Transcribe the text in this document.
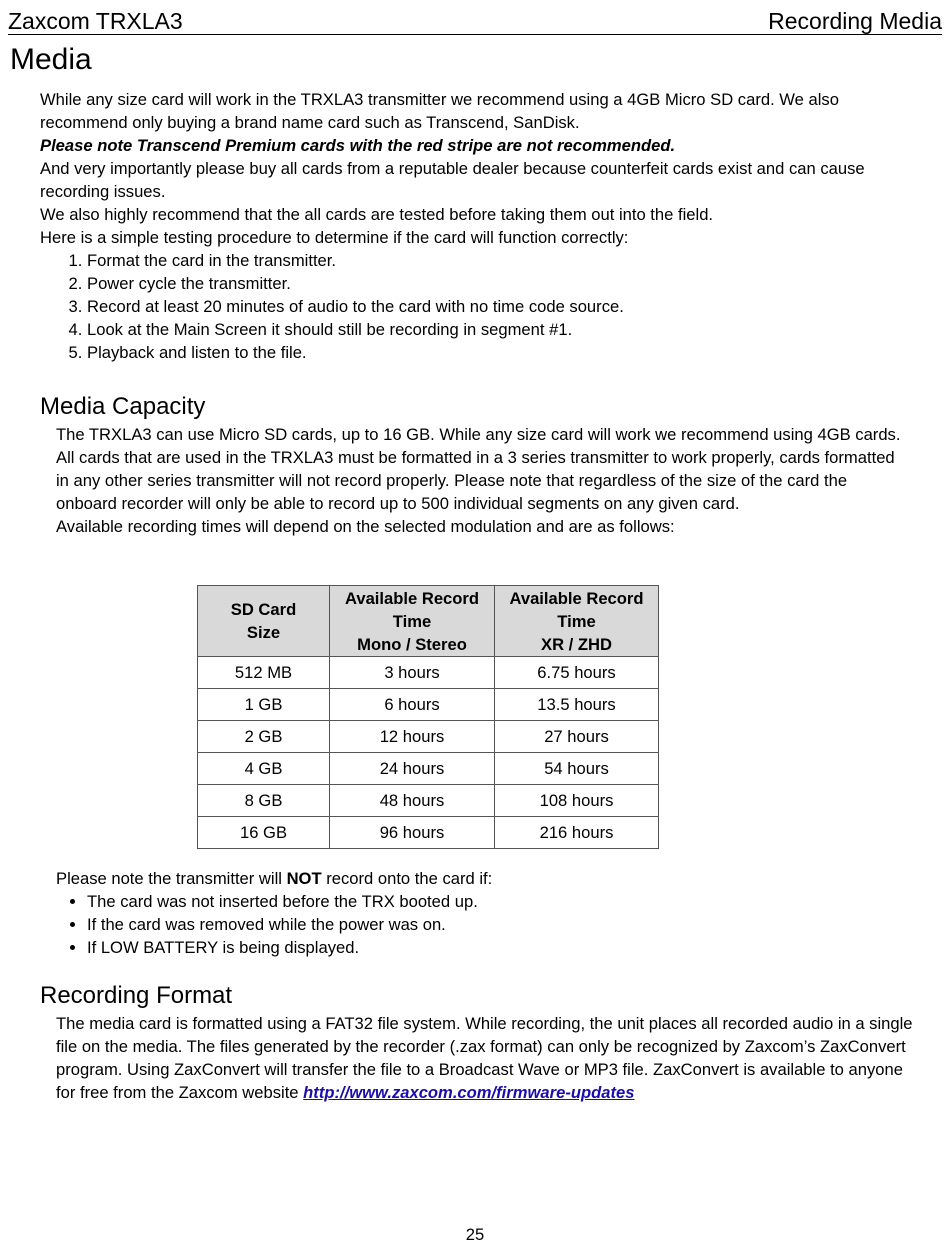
Zaxcom TRXLA3	Recording Media
Media

While any size card will work in the TRXLA3 transmitter we recommend using a 4GB Micro SD card. We also recommend only buying a brand name card such as Transcend, SanDisk.

Please note Transcend Premium cards with the red stripe are not recommended.

And very importantly please buy all cards from a reputable dealer because counterfeit cards exist and can cause recording issues.

We also highly recommend that the all cards are tested before taking them out into the field.

Here is a simple testing procedure to determine if the card will function correctly:

1. Format the card in the transmitter.
2. Power cycle the transmitter.
3. Record at least 20 minutes of audio to the card with no time code source.
4. Look at the Main Screen it should still be recording in segment #1.
5. Playback and listen to the file.
Media Capacity

The TRXLA3 can use Micro SD cards, up to 16 GB. While any size card will work we recommend using 4GB cards. All cards that are used in the TRXLA3 must be formatted in a 3 series transmitter to work properly, cards formatted in any other series transmitter will not record properly. Please note that regardless of the size of the card the onboard recorder will only be able to record up to 500 individual segments on any given card.

Available recording times will depend on the selected modulation and are as follows:

SD Card
Size	Available Record
Time
Mono / Stereo	Available Record
Time
XR / ZHD
512 MB	3 hours	6.75 hours
1 GB	6 hours	13.5 hours
2 GB	12 hours	27 hours
4 GB	24 hours	54 hours
8 GB	48 hours	108 hours
16 GB	96 hours	216 hours

Please note the transmitter will NOT record onto the card if:

• The card was not inserted before the TRX booted up.
• If the card was removed while the power was on.
• If LOW BATTERY is being displayed.
Recording Format

The media card is formatted using a FAT32 file system. While recording, the unit places all recorded audio in a single file on the media. The files generated by the recorder (.zax format) can only be recognized by Zaxcom’s ZaxConvert program. Using ZaxConvert will transfer the file to a Broadcast Wave or MP3 file. ZaxConvert is available to anyone for free from the Zaxcom website http://www.zaxcom.com/firmware-updates

25
